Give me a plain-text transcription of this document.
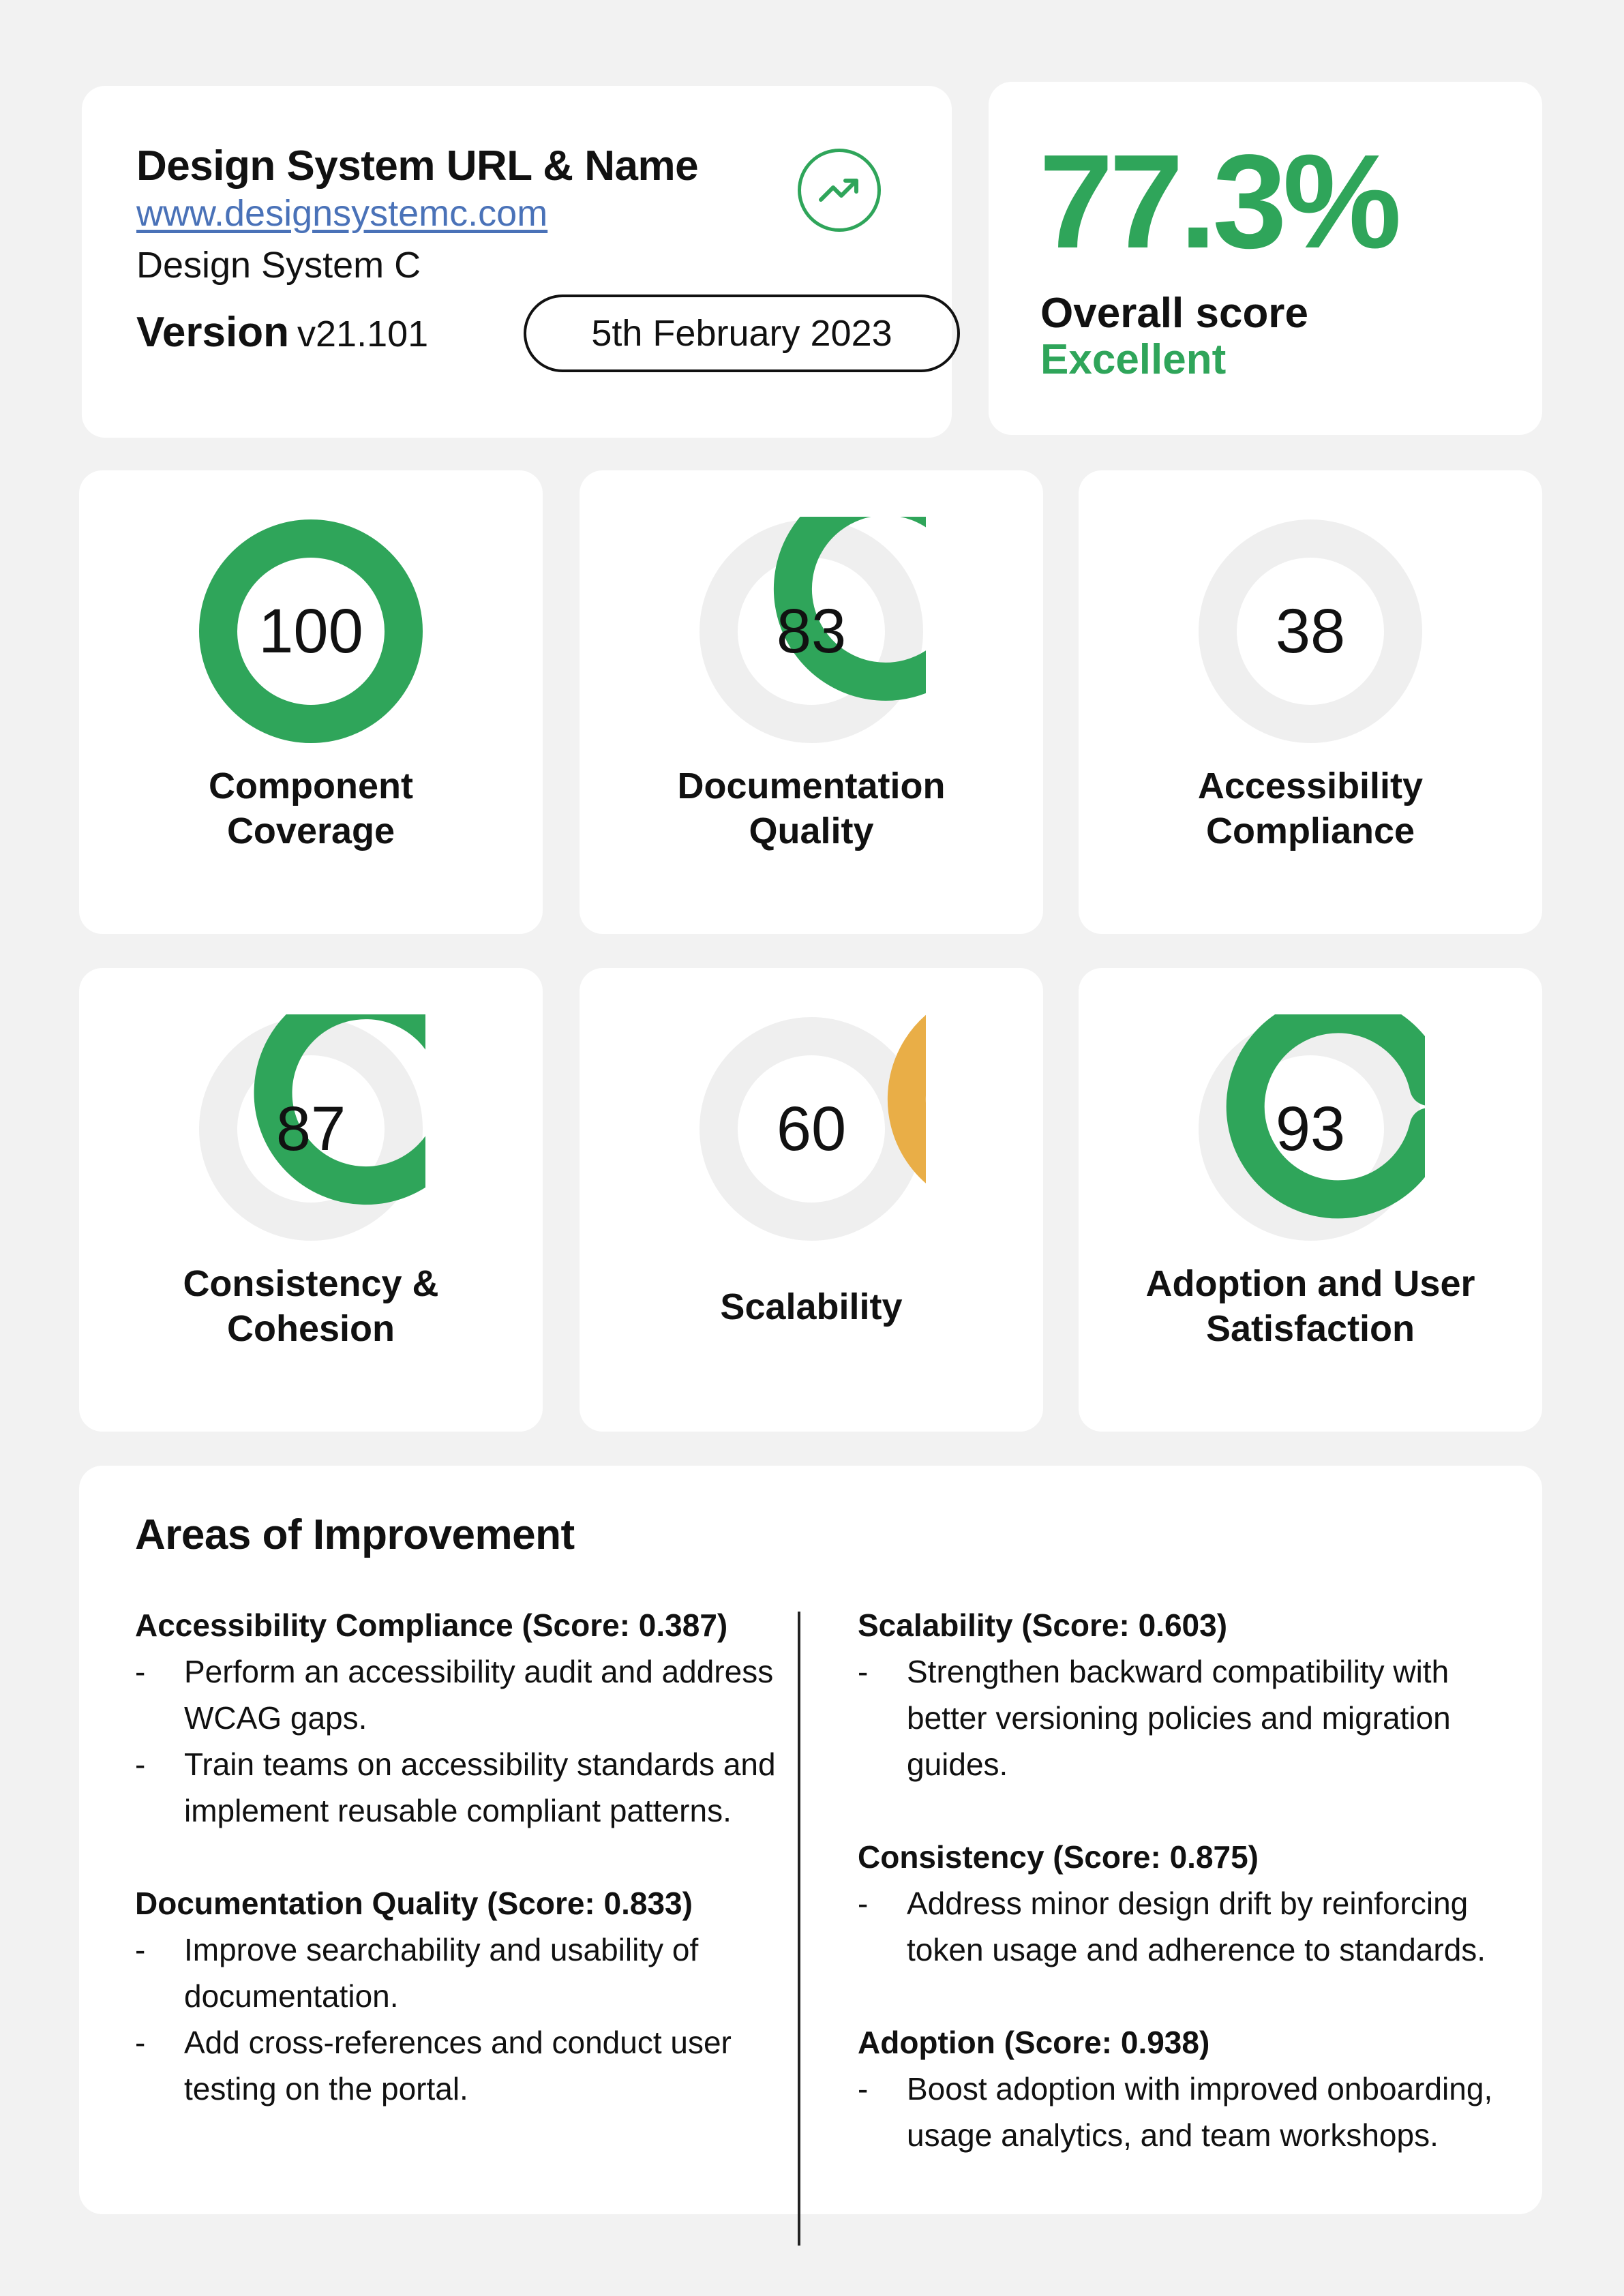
Design System URL & Name
www.designsystemc.com
Design System C
Version v21.101	5th February 2023
77.3%
Overall score
Excellent
100
Component
Coverage
83
Documentation
Quality
38
Accessibility
Compliance
87
Consistency &
Cohesion
60
Scalability
93
Adoption and User
Satisfaction
Areas of Improvement
Accessibility Compliance (Score: 0.387)
- Perform an accessibility audit and address WCAG gaps.
- Train teams on accessibility standards and implement reusable compliant patterns.
Documentation Quality (Score: 0.833)
- Improve searchability and usability of documentation.
- Add cross-references and conduct user testing on the portal.
Scalability (Score: 0.603)
- Strengthen backward compatibility with better versioning policies and migration guides.
Consistency (Score: 0.875)
- Address minor design drift by reinforcing token usage and adherence to standards.
Adoption (Score: 0.938)
- Boost adoption with improved onboarding, usage analytics, and team workshops.
